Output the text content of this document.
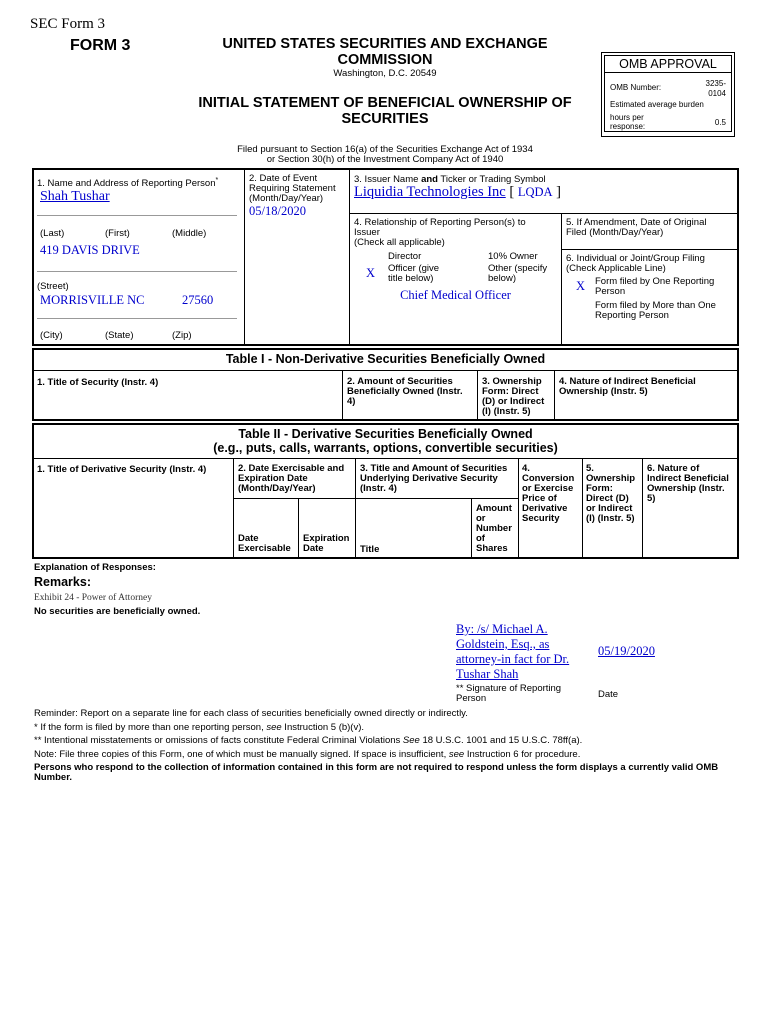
SEC Form 3
FORM 3	UNITED STATES SECURITIES AND EXCHANGE
COMMISSION
Washington, D.C. 20549
INITIAL STATEMENT OF BENEFICIAL OWNERSHIP OF
SECURITIES
Filed pursuant to Section 16(a) of the Securities Exchange Act of 1934
or Section 30(h) of the Investment Company Act of 1940
OMB APPROVAL
OMB Number:	3235-
0104
Estimated average burden
hours per
response:	0.5
1. Name and Address of Reporting Person*
Shah Tushar
(Last)	(First)	(Middle)
419 DAVIS DRIVE
(Street)
MORRISVILLE NC	27560
(City)	(State)	(Zip)
2. Date of Event
Requiring Statement
(Month/Day/Year)
05/18/2020
3. Issuer Name and Ticker or Trading Symbol
Liquidia Technologies Inc [ LQDA ]
4. Relationship of Reporting Person(s) to
Issuer
(Check all applicable)
Director	10% Owner
X Officer (give
title below)
Other (specify
below)
Chief Medical Officer
5. If Amendment, Date of Original
Filed (Month/Day/Year)
6. Individual or Joint/Group Filing
(Check Applicable Line)
X Form filed by One Reporting
Person
Form filed by More than One
Reporting Person
Table I - Non-Derivative Securities Beneficially Owned
1. Title of Security (Instr. 4)	2. Amount of Securities
Beneficially Owned (Instr.
4)
3. Ownership
Form: Direct
(D) or Indirect
(I) (Instr. 5)
4. Nature of Indirect Beneficial
Ownership (Instr. 5)
Table II - Derivative Securities Beneficially Owned
(e.g., puts, calls, warrants, options, convertible securities)
1. Title of Derivative Security (Instr. 4)	2. Date Exercisable and
Expiration Date
(Month/Day/Year)
Date
Exercisable
Expiration
Date
3. Title and Amount of Securities
Underlying Derivative Security
(Instr. 4)
Title
Amount
or
Number
of
Shares
4.
Conversion
or Exercise
Price of
Derivative
Security
5.
Ownership
Form:
Direct (D)
or Indirect
(I) (Instr. 5)
6. Nature of
Indirect Beneficial
Ownership (Instr.
5)
Explanation of Responses:
Remarks:
Exhibit 24 - Power of Attorney
No securities are beneficially owned.
By: /s/ Michael A.
Goldstein, Esq., as
attorney-in fact for Dr.
Tushar Shah
05/19/2020
** Signature of Reporting
Person	Date
Reminder: Report on a separate line for each class of securities beneficially owned directly or indirectly.
* If the form is filed by more than one reporting person, see Instruction 5 (b)(v).
** Intentional misstatements or omissions of facts constitute Federal Criminal Violations See 18 U.S.C. 1001 and 15 U.S.C. 78ff(a).
Note: File three copies of this Form, one of which must be manually signed. If space is insufficient, see Instruction 6 for procedure.
Persons who respond to the collection of information contained in this form are not required to respond unless the form displays a currently valid OMB
Number.
